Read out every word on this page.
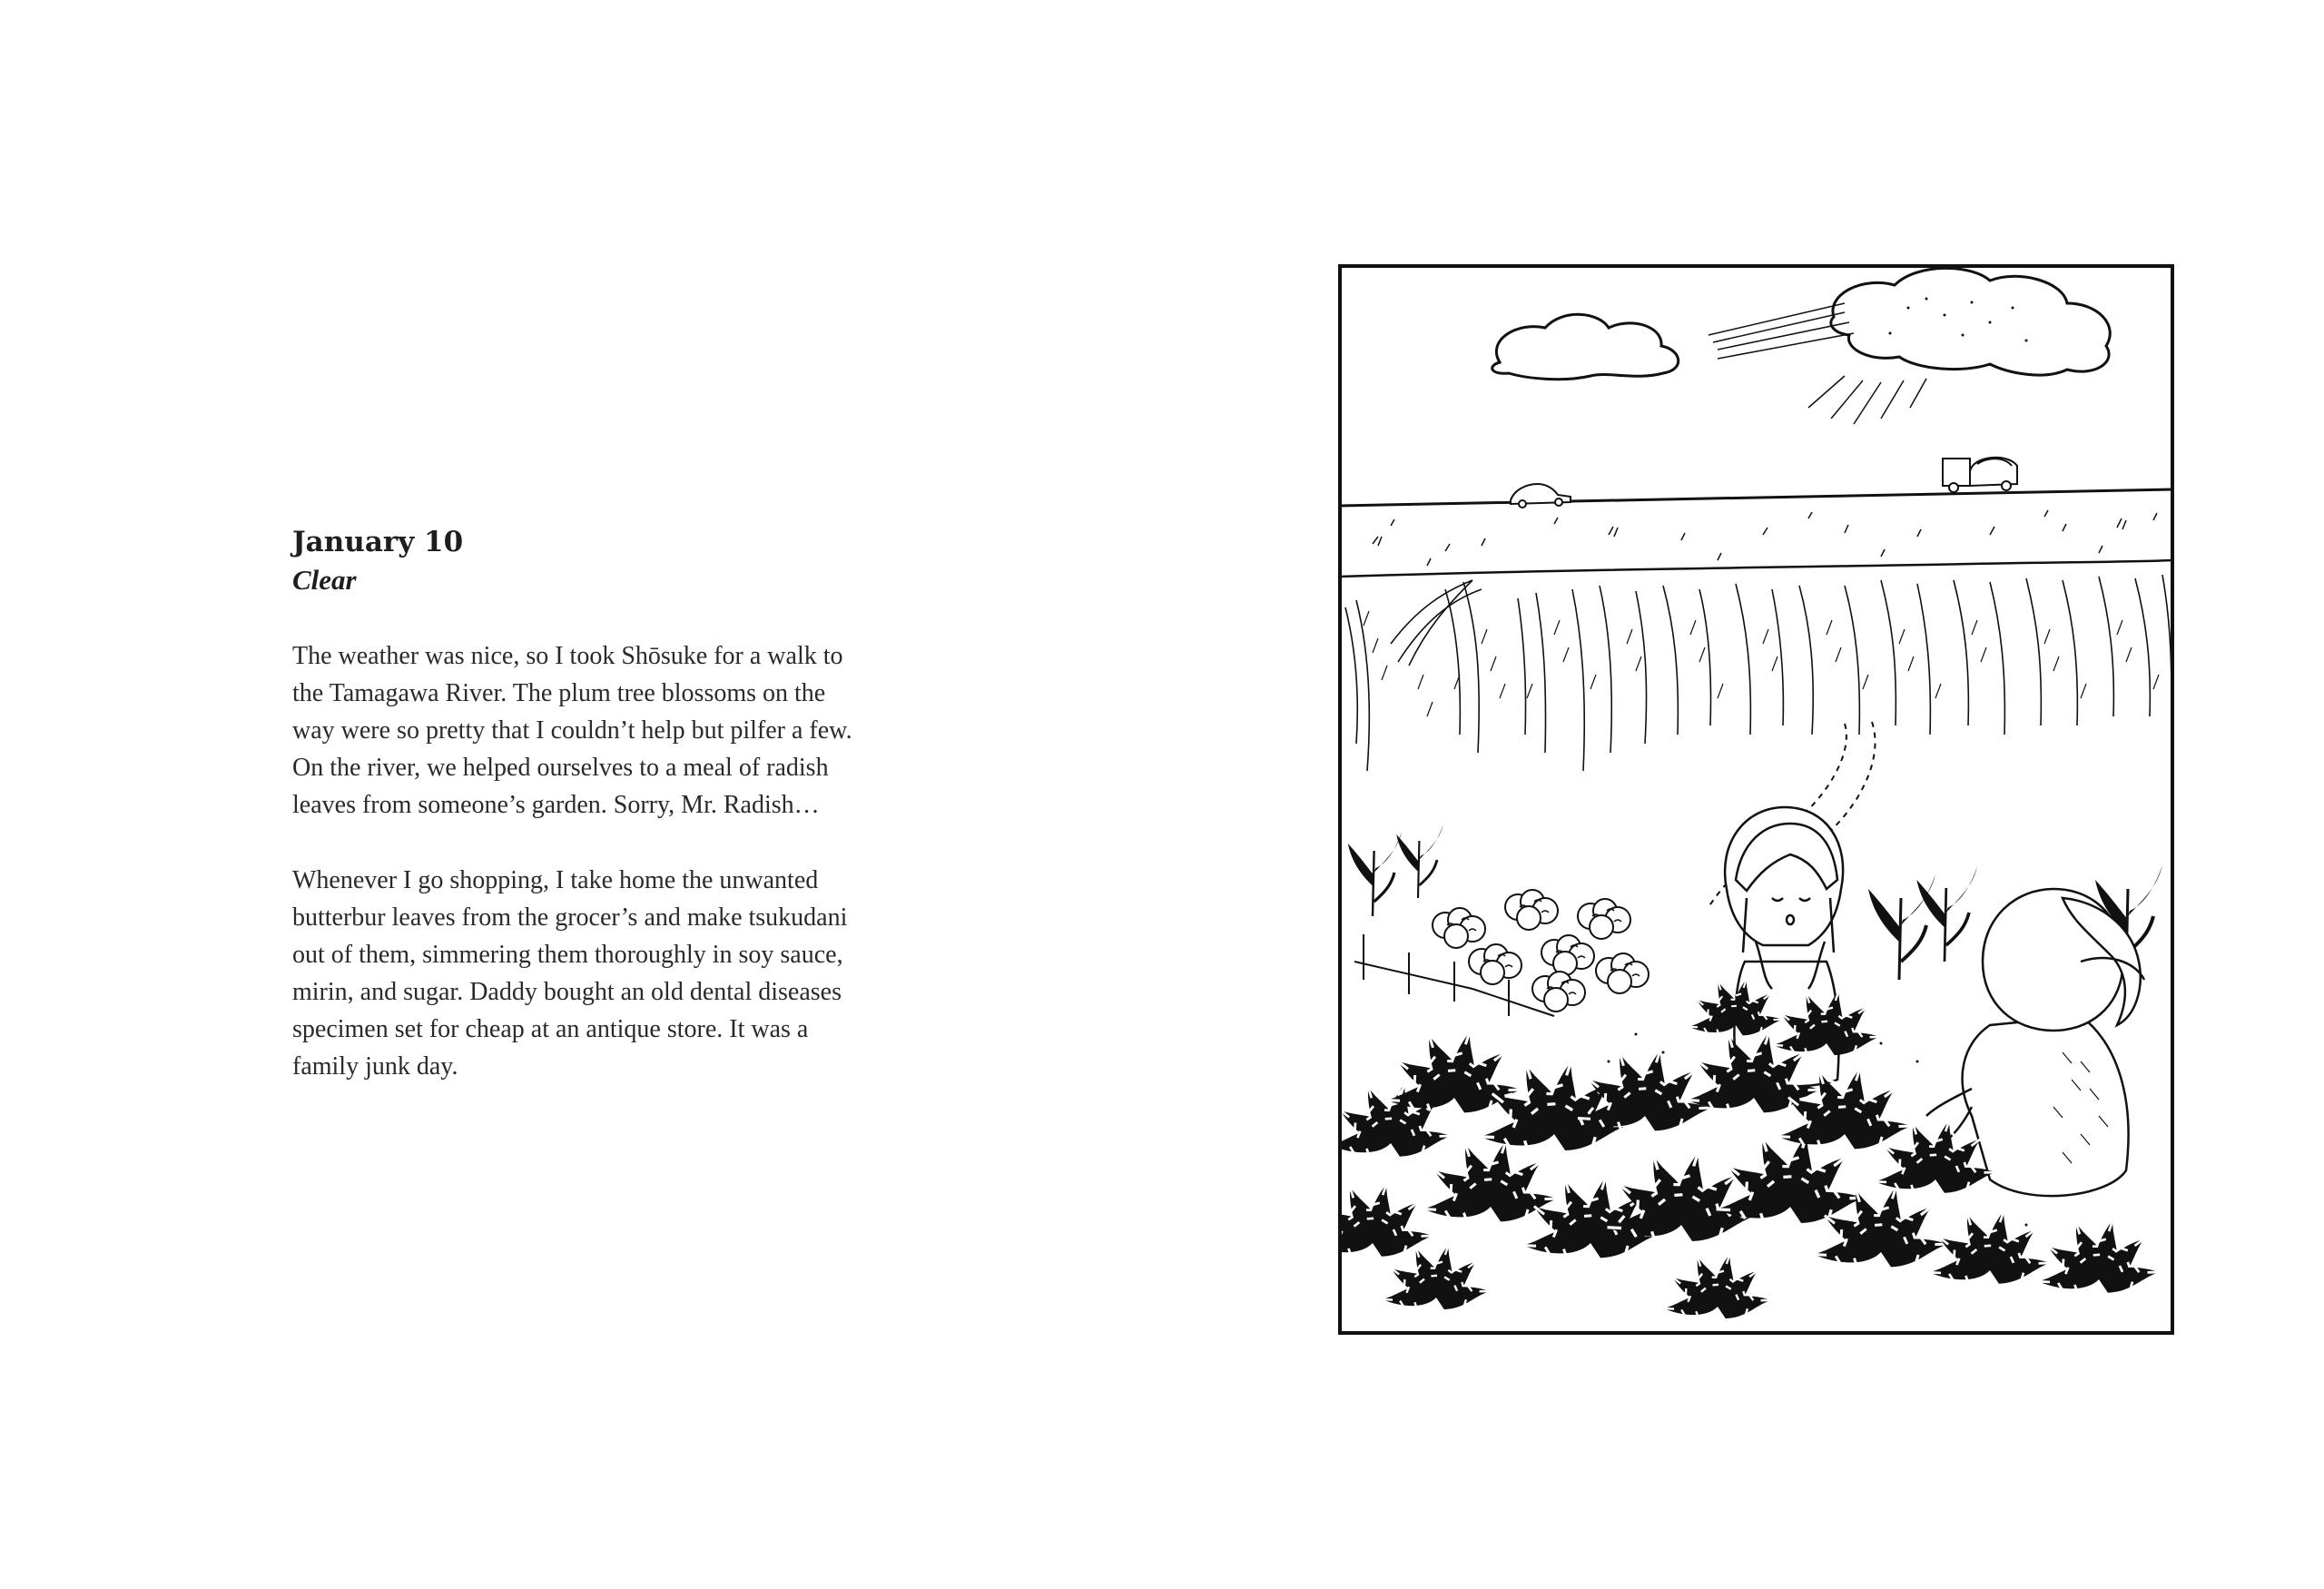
January 10
Clear

The weather was nice, so I took Shōsuke for a walk to
the Tamagawa River. The plum tree blossoms on the
way were so pretty that I couldn’t help but pilfer a few.
On the river, we helped ourselves to a meal of radish
leaves from someone’s garden. Sorry, Mr. Radish…

Whenever I go shopping, I take home the unwanted
butterbur leaves from the grocer’s and make tsukudani
out of them, simmering them thoroughly in soy sauce,
mirin, and sugar. Daddy bought an old dental diseases
specimen set for cheap at an antique store. It was a
family junk day.
